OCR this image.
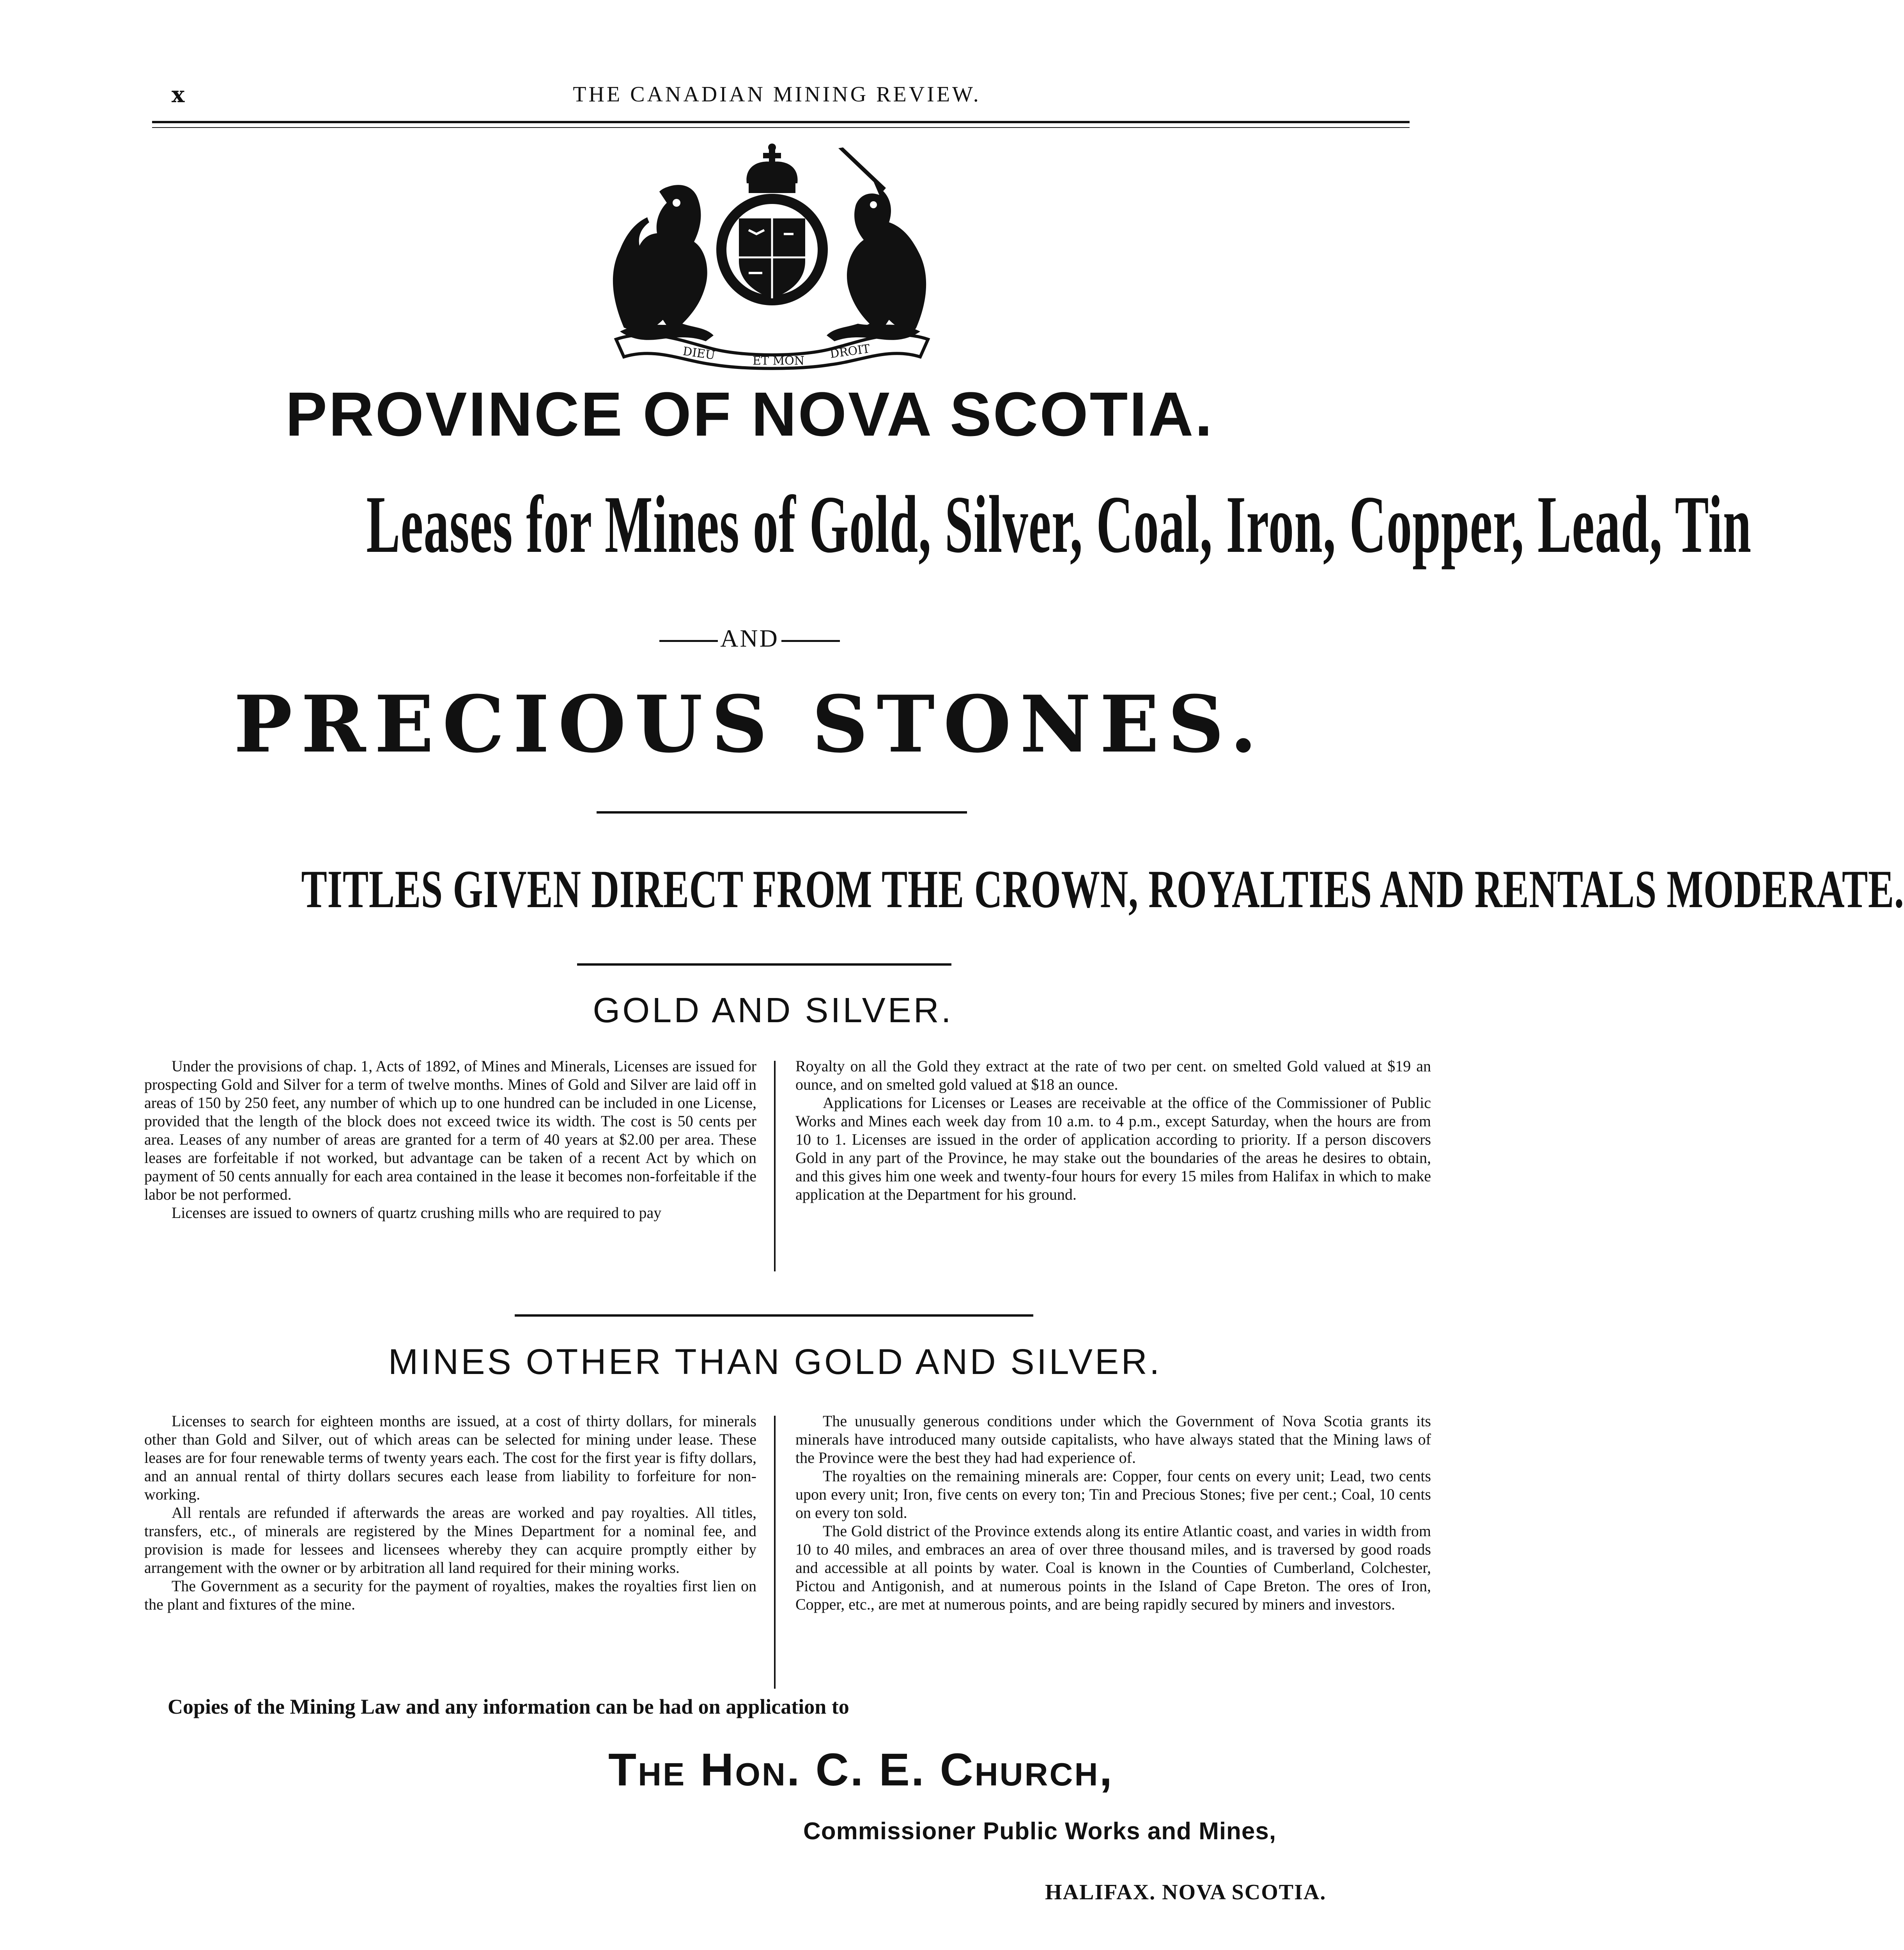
x	THE CANADIAN MINING REVIEW.
DIEU	ET MON DROIT
PROVINCE OF NOVA SCOTIA.
Leases for Mines of Gold, Silver, Coal, Iron, Copper, Lead, Tin
AND
PRECIOUS STONES.
TITLES GIVEN DIRECT FROM THE CROWN, ROYALTIES AND RENTALS MODERATE.
GOLD AND SILVER.

Under the provisions of chap. 1, Acts of 1892, of Mines and Minerals, Licenses are issued for prospecting Gold and Silver for a term of twelve months. Mines of Gold and Silver are laid off in areas of 150 by 250 feet, any number of which up to one hundred can be included in one License, provided that the length of the block does not exceed twice its width. The cost is 50 cents per area. Leases of any number of areas are granted for a term of 40 years at $2.00 per area. These leases are forfeitable if not worked, but advantage can be taken of a recent Act by which on payment of 50 cents annually for each area contained in the lease it becomes non-forfeitable if the labor be not performed.

Licenses are issued to owners of quartz crushing mills who are required to pay

Royalty on all the Gold they extract at the rate of two per cent. on smelted Gold valued at $19 an ounce, and on smelted gold valued at $18 an ounce.

Applications for Licenses or Leases are receivable at the office of the Commissioner of Public Works and Mines each week day from 10 a.m. to 4 p.m., except Saturday, when the hours are from 10 to 1. Licenses are issued in the order of application according to priority. If a person discovers Gold in any part of the Province, he may stake out the boundaries of the areas he desires to obtain, and this gives him one week and twenty-four hours for every 15 miles from Halifax in which to make application at the Department for his ground.

MINES OTHER THAN GOLD AND SILVER.

Licenses to search for eighteen months are issued, at a cost of thirty dollars, for minerals other than Gold and Silver, out of which areas can be selected for mining under lease. These leases are for four renewable terms of twenty years each. The cost for the first year is fifty dollars, and an annual rental of thirty dollars secures each lease from liability to forfeiture for non-working.

All rentals are refunded if afterwards the areas are worked and pay royalties. All titles, transfers, etc., of minerals are registered by the Mines Department for a nominal fee, and provision is made for lessees and licensees whereby they can acquire promptly either by arrangement with the owner or by arbitration all land required for their mining works.

The Government as a security for the payment of royalties, makes the royalties first lien on the plant and fixtures of the mine.

The unusually generous conditions under which the Government of Nova Scotia grants its minerals have introduced many outside capitalists, who have always stated that the Mining laws of the Province were the best they had had experience of.

The royalties on the remaining minerals are: Copper, four cents on every unit; Lead, two cents upon every unit; Iron, five cents on every ton; Tin and Precious Stones; five per cent.; Coal, 10 cents on every ton sold.

The Gold district of the Province extends along its entire Atlantic coast, and varies in width from 10 to 40 miles, and embraces an area of over three thousand miles, and is traversed by good roads and accessible at all points by water. Coal is known in the Counties of Cumberland, Colchester, Pictou and Antigonish, and at numerous points in the Island of Cape Breton. The ores of Iron, Copper, etc., are met at numerous points, and are being rapidly secured by miners and investors.

Copies of the Mining Law and any information can be had on application to
The Hon. C. E. Church,
Commissioner Public Works and Mines,
HALIFAX. NOVA SCOTIA.
